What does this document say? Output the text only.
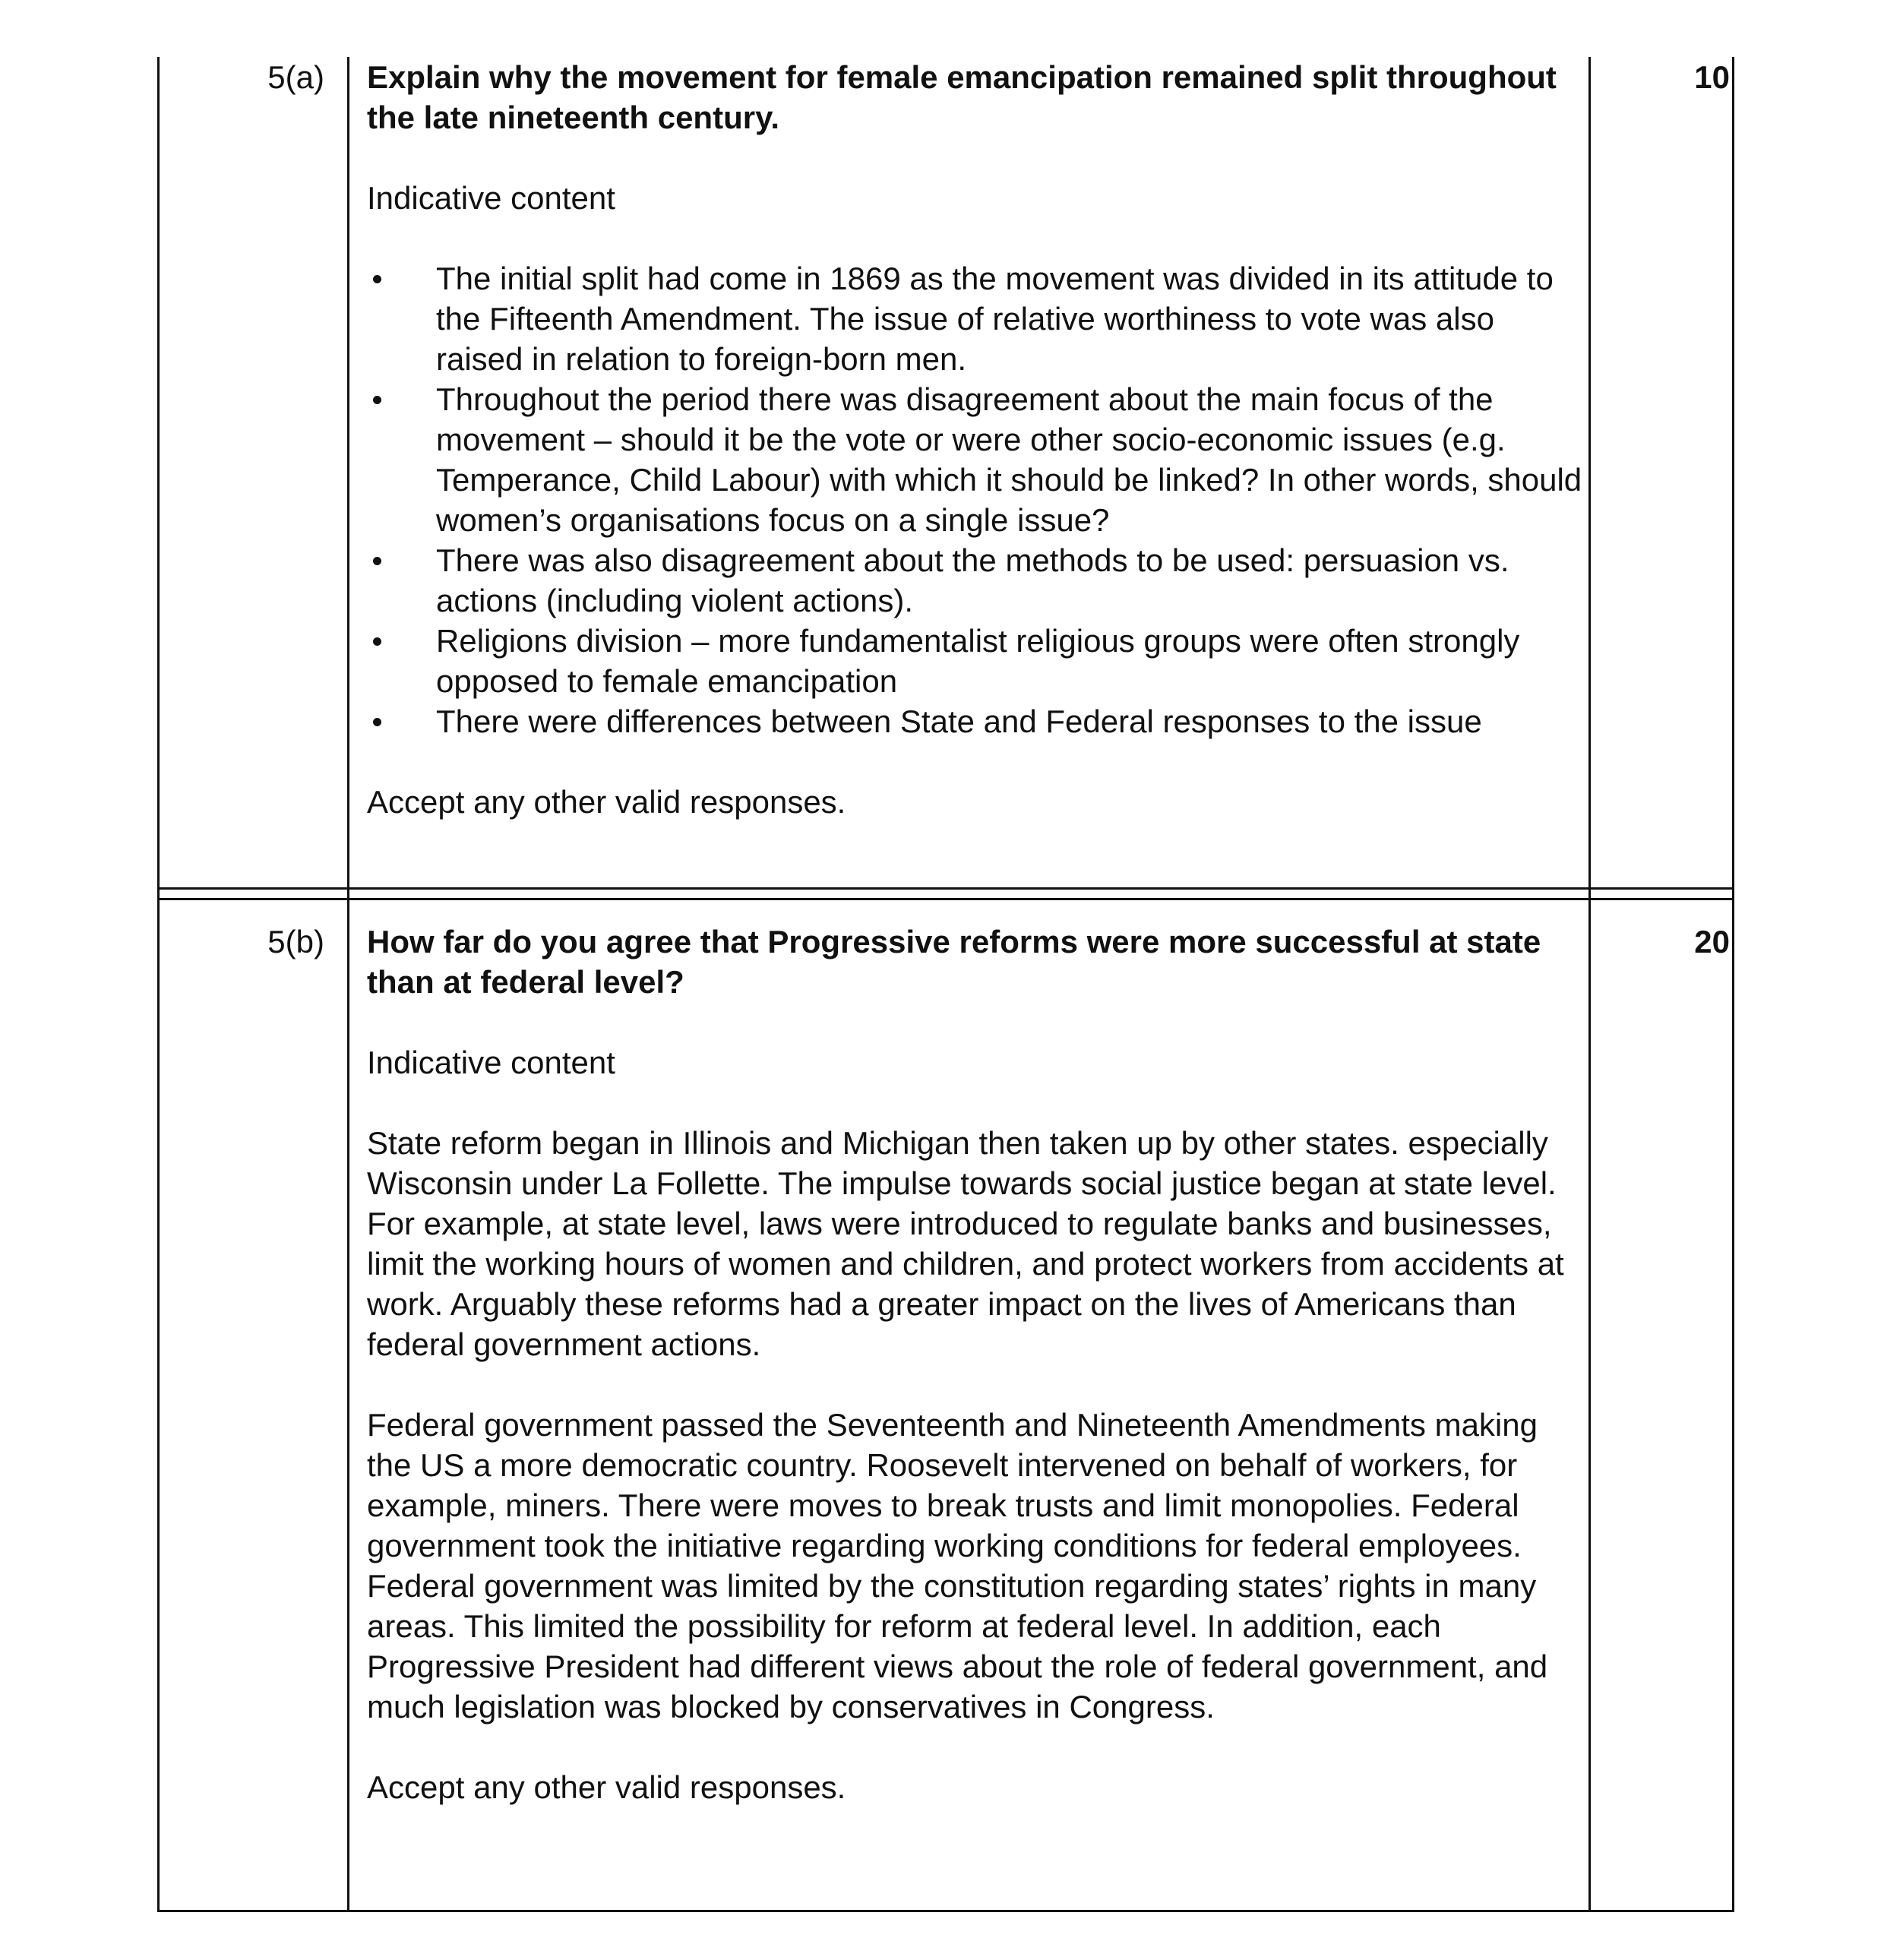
5(a)	Explain why the movement for female emancipation remained split throughout the late nineteenth century.

Indicative content

The initial split had come in 1869 as the movement was divided in its attitude to the Fifteenth Amendment. The issue of relative worthiness to vote was also raised in relation to foreign-born men.
Throughout the period there was disagreement about the main focus of the movement – should it be the vote or were other socio-economic issues (e.g. Temperance, Child Labour) with which it should be linked? In other words, should women’s organisations focus on a single issue?
There was also disagreement about the methods to be used: persuasion vs. actions (including violent actions).
Religions division – more fundamentalist religious groups were often strongly opposed to female emancipation
There were differences between State and Federal responses to the issue

Accept any other valid responses.

10
5(b)	How far do you agree that Progressive reforms were more successful at state than at federal level?

Indicative content

State reform began in Illinois and Michigan then taken up by other states. especially Wisconsin under La Follette. The impulse towards social justice began at state level. For example, at state level, laws were introduced to regulate banks and businesses, limit the working hours of women and children, and protect workers from accidents at work. Arguably these reforms had a greater impact on the lives of Americans than federal government actions.

Federal government passed the Seventeenth and Nineteenth Amendments making the US a more democratic country. Roosevelt intervened on behalf of workers, for example, miners. There were moves to break trusts and limit monopolies. Federal government took the initiative regarding working conditions for federal employees. Federal government was limited by the constitution regarding states’ rights in many areas. This limited the possibility for reform at federal level. In addition, each Progressive President had different views about the role of federal government, and much legislation was blocked by conservatives in Congress.

Accept any other valid responses.

20
